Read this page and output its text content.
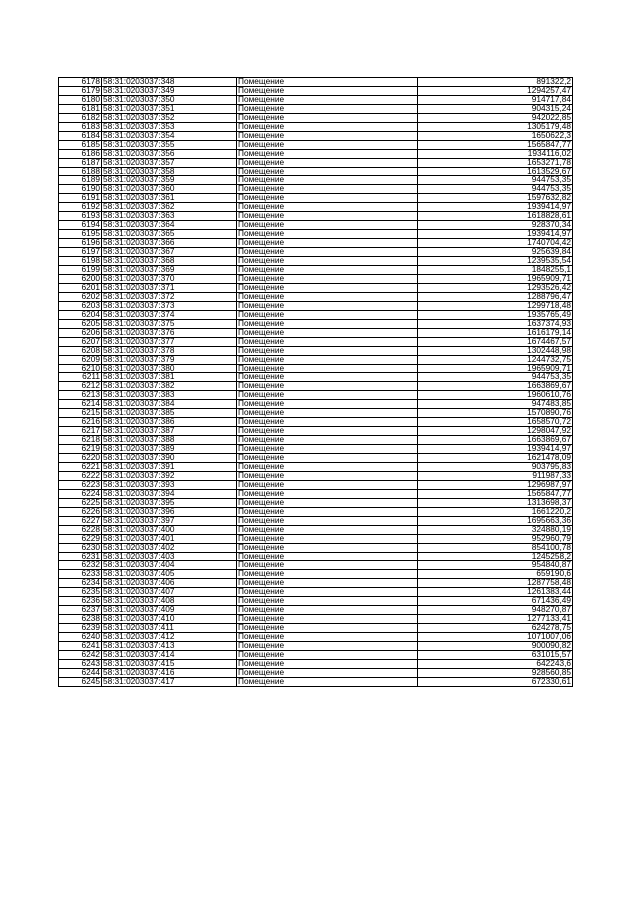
6178	58:31:0203037:348	Помещение	891322,2
6179	58:31:0203037:349	Помещение	1294257,47
6180	58:31:0203037:350	Помещение	914717,84
6181	58:31:0203037:351	Помещение	904315,24
6182	58:31:0203037:352	Помещение	942022,85
6183	58:31:0203037:353	Помещение	1305179,48
6184	58:31:0203037:354	Помещение	1650622,3
6185	58:31:0203037:355	Помещение	1565847,77
6186	58:31:0203037:356	Помещение	1934116,02
6187	58:31:0203037:357	Помещение	1653271,78
6188	58:31:0203037:358	Помещение	1613529,67
6189	58:31:0203037:359	Помещение	944753,35
6190	58:31:0203037:360	Помещение	944753,35
6191	58:31:0203037:361	Помещение	1597632,82
6192	58:31:0203037:362	Помещение	1939414,97
6193	58:31:0203037:363	Помещение	1618828,61
6194	58:31:0203037:364	Помещение	928370,34
6195	58:31:0203037:365	Помещение	1939414,97
6196	58:31:0203037:366	Помещение	1740704,42
6197	58:31:0203037:367	Помещение	925639,84
6198	58:31:0203037:368	Помещение	1239535,54
6199	58:31:0203037:369	Помещение	1848255,1
6200	58:31:0203037:370	Помещение	1965909,71
6201	58:31:0203037:371	Помещение	1293526,42
6202	58:31:0203037:372	Помещение	1288796,47
6203	58:31:0203037:373	Помещение	1299718,48
6204	58:31:0203037:374	Помещение	1935765,49
6205	58:31:0203037:375	Помещение	1637374,93
6206	58:31:0203037:376	Помещение	1616179,14
6207	58:31:0203037:377	Помещение	1674467,57
6208	58:31:0203037:378	Помещение	1302448,98
6209	58:31:0203037:379	Помещение	1244732,75
6210	58:31:0203037:380	Помещение	1965909,71
6211	58:31:0203037:381	Помещение	944753,35
6212	58:31:0203037:382	Помещение	1663869,67
6213	58:31:0203037:383	Помещение	1960610,76
6214	58:31:0203037:384	Помещение	947483,85
6215	58:31:0203037:385	Помещение	1570890,76
6216	58:31:0203037:386	Помещение	1658570,72
6217	58:31:0203037:387	Помещение	1298047,92
6218	58:31:0203037:388	Помещение	1663869,67
6219	58:31:0203037:389	Помещение	1939414,97
6220	58:31:0203037:390	Помещение	1621478,09
6221	58:31:0203037:391	Помещение	903795,83
6222	58:31:0203037:392	Помещение	911987,33
6223	58:31:0203037:393	Помещение	1296987,97
6224	58:31:0203037:394	Помещение	1565847,77
6225	58:31:0203037:395	Помещение	1313698,37
6226	58:31:0203037:396	Помещение	1661220,2
6227	58:31:0203037:397	Помещение	1695663,36
6228	58:31:0203037:400	Помещение	324880,19
6229	58:31:0203037:401	Помещение	952960,79
6230	58:31:0203037:402	Помещение	854100,78
6231	58:31:0203037:403	Помещение	1245258,2
6232	58:31:0203037:404	Помещение	954840,87
6233	58:31:0203037:405	Помещение	659190,6
6234	58:31:0203037:406	Помещение	1287758,48
6235	58:31:0203037:407	Помещение	1261383,44
6236	58:31:0203037:408	Помещение	671436,49
6237	58:31:0203037:409	Помещение	948270,87
6238	58:31:0203037:410	Помещение	1277133,41
6239	58:31:0203037:411	Помещение	624278,75
6240	58:31:0203037:412	Помещение	1071007,06
6241	58:31:0203037:413	Помещение	900090,82
6242	58:31:0203037:414	Помещение	631015,57
6243	58:31:0203037:415	Помещение	642243,6
6244	58:31:0203037:416	Помещение	928560,85
6245	58:31:0203037:417	Помещение	672330,61
